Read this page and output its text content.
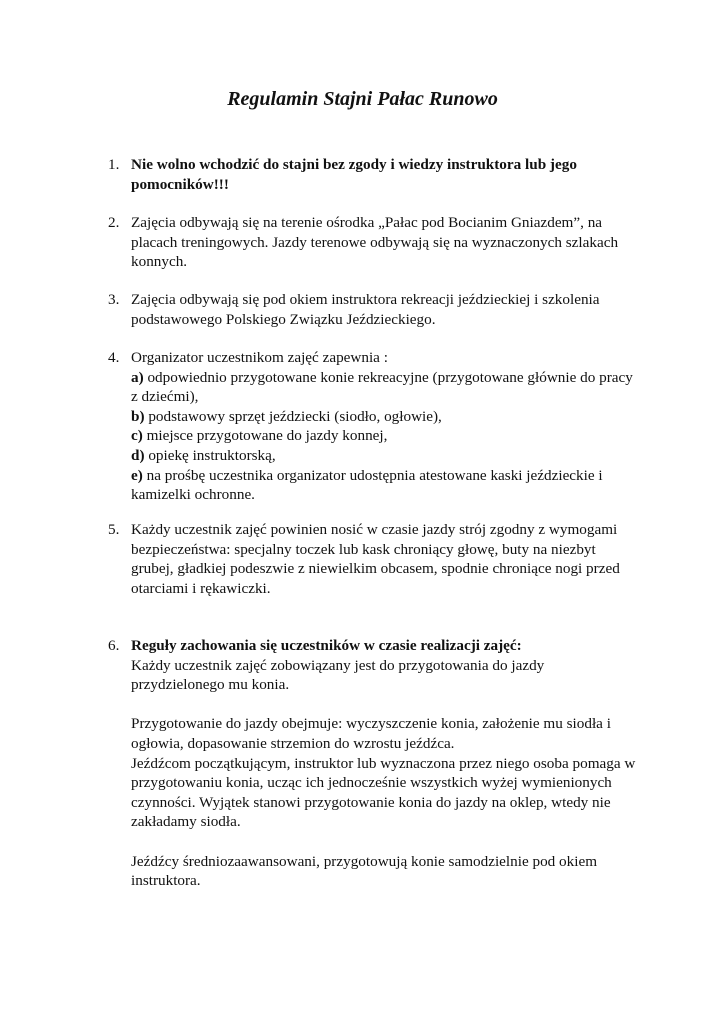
Regulamin Stajni Pałac Runowo
1. Nie wolno wchodzić do stajni bez zgody i wiedzy instruktora lub jego pomocników!!!
2. Zajęcia odbywają się na terenie ośrodka „Pałac pod Bocianim Gniazdem”, na placach treningowych. Jazdy terenowe odbywają się na wyznaczonych szlakach konnych.
3. Zajęcia odbywają się pod okiem instruktora rekreacji jeździeckiej i szkolenia podstawowego Polskiego Związku Jeździeckiego.
4. Organizator uczestnikom zajęć zapewnia :
a) odpowiednio przygotowane konie rekreacyjne (przygotowane głównie do pracy z dziećmi),
b) podstawowy sprzęt jeździecki (siodło, ogłowie),
c) miejsce przygotowane do jazdy konnej,
d) opiekę instruktorską,
e) na prośbę uczestnika organizator udostępnia atestowane kaski jeździeckie i kamizelki ochronne.
5. Każdy uczestnik zajęć powinien nosić w czasie jazdy strój zgodny z wymogami bezpieczeństwa: specjalny toczek lub kask chroniący głowę, buty na niezbyt grubej, gładkiej podeszwie z niewielkim obcasem, spodnie chroniące nogi przed otarciami i rękawiczki.
6. Reguły zachowania się uczestników w czasie realizacji zajęć:
Każdy uczestnik zajęć zobowiązany jest do przygotowania do jazdy przydzielonego mu konia.
Przygotowanie do jazdy obejmuje: wyczyszczenie konia, założenie mu siodła i ogłowia, dopasowanie strzemion do wzrostu jeźdźca.
Jeźdźcom początkującym, instruktor lub wyznaczona przez niego osoba pomaga w przygotowaniu konia, ucząc ich jednocześnie wszystkich wyżej wymienionych czynności. Wyjątek stanowi przygotowanie konia do jazdy na oklep, wtedy nie zakładamy siodła.
Jeźdźcy średniozaawansowani, przygotowują konie samodzielnie pod okiem instruktora.
